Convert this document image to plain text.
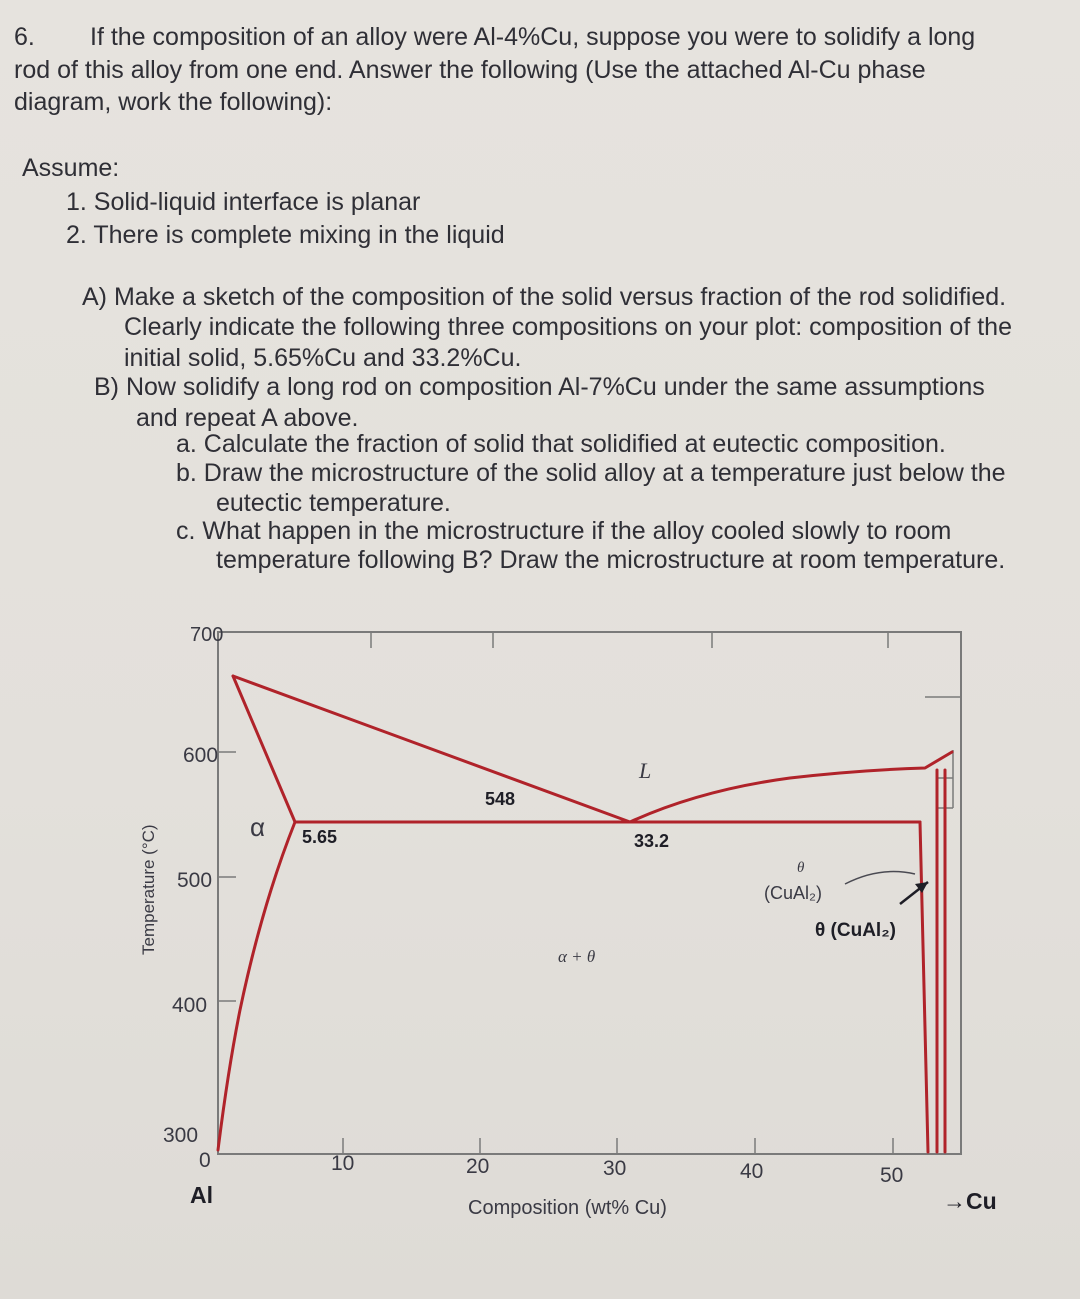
6. If the composition of an alloy were Al-4%Cu, suppose you were to solidify a long
rod of this alloy from one end. Answer the following (Use the attached Al-Cu phase
diagram, work the following):
Assume:
1. Solid-liquid interface is planar
2. There is complete mixing in the liquid
A) Make a sketch of the composition of the solid versus fraction of the rod solidified.
Clearly indicate the following three compositions on your plot: composition of the
initial solid, 5.65%Cu and 33.2%Cu.
B) Now solidify a long rod on composition Al-7%Cu under the same assumptions
and repeat A above.
a. Calculate the fraction of solid that solidified at eutectic composition.
b. Draw the microstructure of the solid alloy at a temperature just below the
eutectic temperature.
c. What happen in the microstructure if the alloy cooled slowly to room
temperature following B? Draw the microstructure at room temperature.
700
600
500
400
300
0	10	20	30	40	50
Temperature (°C)
Composition (wt% Cu)
Al	→Cu
α
L
α + θ
548
5.65	33.2
θ
(CuAl₂)
θ (CuAl₂)
